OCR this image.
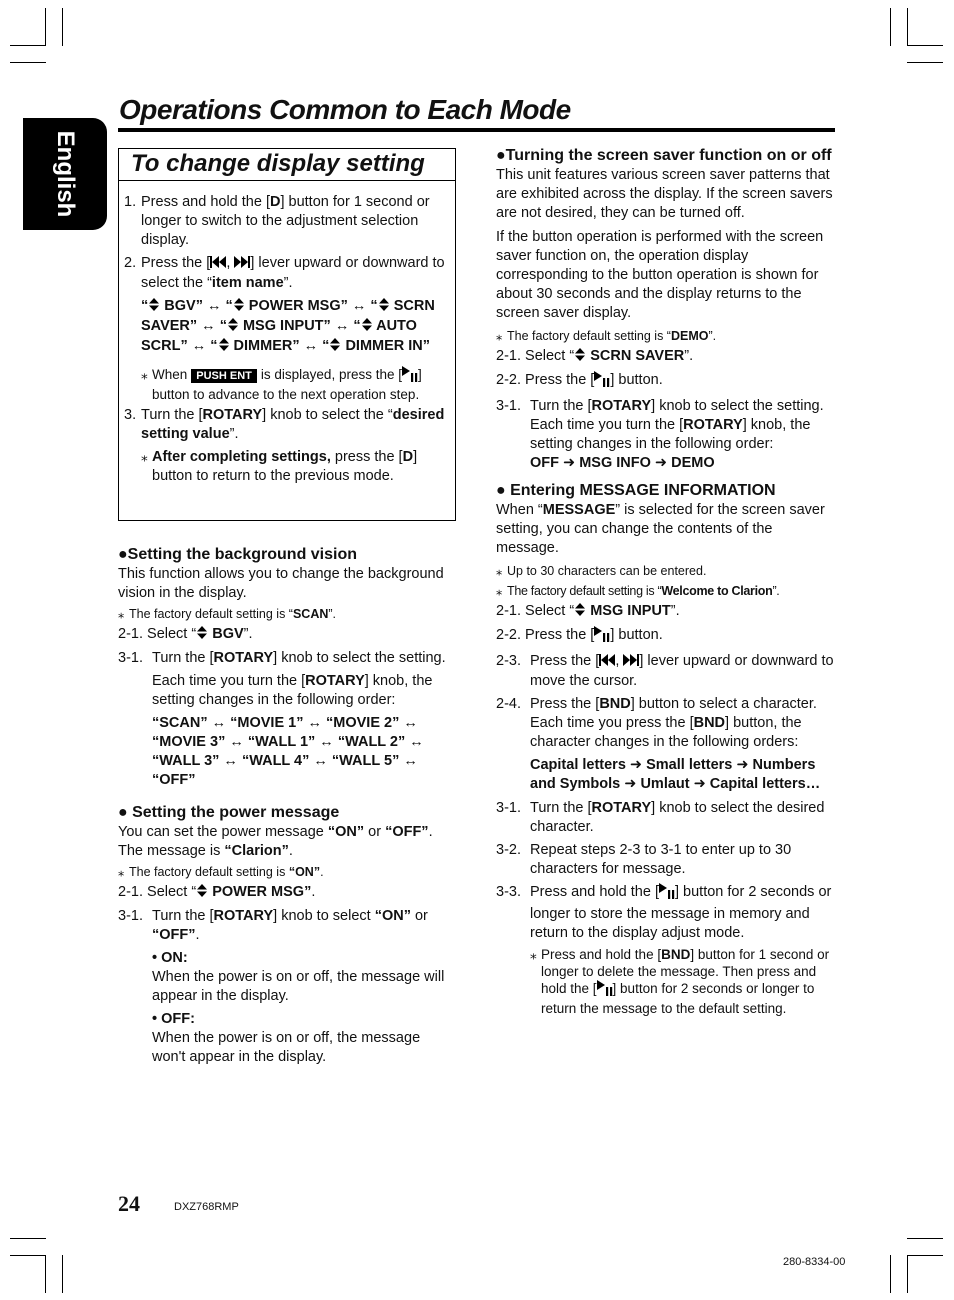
English
Operations Common to Each Mode
To change display setting
1. Press and hold the [D] button for 1 second or longer to switch to the adjustment selection display.
2. Press the [ , ] lever upward or downward to select the “item name”.
“ BGV” ↔ “ POWER MSG” ↔ “ SCRN SAVER” ↔ “ MSG INPUT” ↔ “ AUTO SCRL” ↔ “ DIMMER” ↔ “ DIMMER IN”
⁎ When PUSH ENT is displayed, press the [ ] button to advance to the next operation step.
3. Turn the [ROTARY] knob to select the “desired setting value”.
⁎ After completing settings, press the [D] button to return to the previous mode.
●Setting the background vision

This function allows you to change the background vision in the display.

⁎ The factory default setting is “SCAN”.
2-1. Select “ BGV”.
3-1. Turn the [ROTARY] knob to select the setting.
Each time you turn the [ROTARY] knob, the setting changes in the following order:
“SCAN” ↔ “MOVIE 1” ↔ “MOVIE 2” ↔ “MOVIE 3” ↔ “WALL 1” ↔ “WALL 2” ↔ “WALL 3” ↔ “WALL 4” ↔ “WALL 5” ↔ “OFF”
● Setting the power message

You can set the power message “ON” or “OFF”. The message is “Clarion”.

⁎ The factory default setting is “ON”.
2-1. Select “ POWER MSG”.
3-1. Turn the [ROTARY] knob to select “ON” or “OFF”.
• ON:
When the power is on or off, the message will appear in the display.
• OFF:
When the power is on or off, the message won't appear in the display.
●Turning the screen saver function on or off

This unit features various screen saver patterns that are exhibited across the display. If the screen savers are not desired, they can be turned off.

If the button operation is performed with the screen saver function on, the operation display corresponding to the button operation is shown for about 30 seconds and the display returns to the screen saver display.

⁎ The factory default setting is “DEMO”.
2-1. Select “ SCRN SAVER”.
2-2. Press the [ ] button.
3-1. Turn the [ROTARY] knob to select the setting. Each time you turn the [ROTARY] knob, the setting changes in the following order:
OFF ➜ MSG INFO ➜ DEMO
● Entering MESSAGE INFORMATION

When “MESSAGE” is selected for the screen saver setting, you can change the contents of the message.

⁎ Up to 30 characters can be entered.
⁎ The factory default setting is “Welcome to Clarion”.
2-1. Select “ MSG INPUT”.
2-2. Press the [ ] button.
2-3. Press the [ , ] lever upward or downward to move the cursor.
2-4. Press the [BND] button to select a character. Each time you press the [BND] button, the character changes in the following orders:
Capital letters ➜ Small letters ➜ Numbers and Symbols ➜ Umlaut ➜ Capital letters…
3-1. Turn the [ROTARY] knob to select the desired character.
3-2. Repeat steps 2-3 to 3-1 to enter up to 30 characters for message.
3-3. Press and hold the [ ] button for 2 seconds or longer to store the message in memory and return to the display adjust mode.
⁎ Press and hold the [BND] button for 1 second or longer to delete the message. Then press and hold the [ ] button for 2 seconds or longer to return the message to the default setting.
24	DXZ768RMP
280-8334-00
